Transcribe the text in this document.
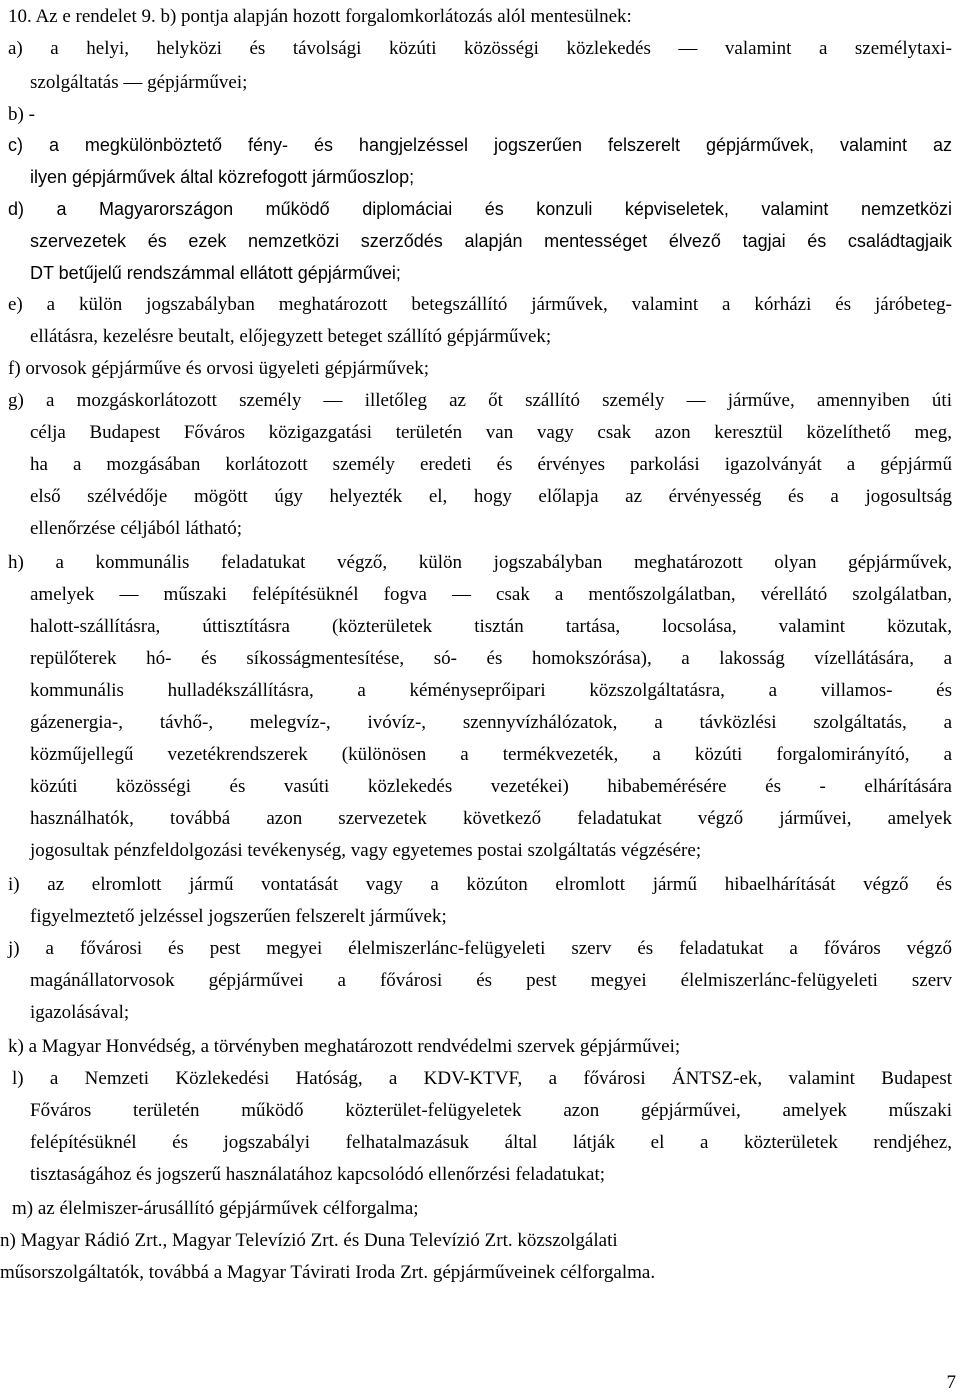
10. Az e rendelet 9. b) pontja alapján hozott forgalomkorlátozás alól mentesülnek:
a) a helyi, helyközi és távolsági közúti közösségi közlekedés — valamint a személytaxi-
szolgáltatás — gépjárművei;
b) -
c) a megkülönböztető fény- és hangjelzéssel jogszerűen felszerelt gépjárművek, valamint az
ilyen gépjárművek által közrefogott járműoszlop;
d) a Magyarországon működő diplomáciai és konzuli képviseletek, valamint nemzetközi
szervezetek és ezek nemzetközi szerződés alapján mentességet élvező tagjai és családtagjaik
DT betűjelű rendszámmal ellátott gépjárművei;
e) a külön jogszabályban meghatározott betegszállító járművek, valamint a kórházi és járóbeteg-
ellátásra, kezelésre beutalt, előjegyzett beteget szállító gépjárművek;
f) orvosok gépjárműve és orvosi ügyeleti gépjárművek;
g) a mozgáskorlátozott személy — illetőleg az őt szállító személy — járműve, amennyiben úti
célja Budapest Főváros közigazgatási területén van vagy csak azon keresztül közelíthető meg,
ha a mozgásában korlátozott személy eredeti és érvényes parkolási igazolványát a gépjármű
első szélvédője mögött úgy helyezték el, hogy előlapja az érvényesség és a jogosultság
ellenőrzése céljából látható;
h) a kommunális feladatukat végző, külön jogszabályban meghatározott olyan gépjárművek,
amelyek — műszaki felépítésüknél fogva — csak a mentőszolgálatban, vérellátó szolgálatban,
halott-szállításra, úttisztításra (közterületek tisztán tartása, locsolása, valamint közutak,
repülőterek hó- és síkosságmentesítése, só- és homokszórása), a lakosság vízellátására, a
kommunális hulladékszállításra, a kéményseprőipari közszolgáltatásra, a villamos- és
gázenergia-, távhő-, melegvíz-, ivóvíz-, szennyvízhálózatok, a távközlési szolgáltatás, a
közműjellegű vezetékrendszerek (különösen a termékvezeték, a közúti forgalomirányító, a
közúti közösségi és vasúti közlekedés vezetékei) hibabemérésére és - elhárítására
használhatók, továbbá azon szervezetek következő feladatukat végző járművei, amelyek
jogosultak pénzfeldolgozási tevékenység, vagy egyetemes postai szolgáltatás végzésére;
i) az elromlott jármű vontatását vagy a közúton elromlott jármű hibaelhárítását végző és
figyelmeztető jelzéssel jogszerűen felszerelt járművek;
j) a fővárosi és pest megyei élelmiszerlánc-felügyeleti szerv és feladatukat a főváros végző
magánállatorvosok gépjárművei a fővárosi és pest megyei élelmiszerlánc-felügyeleti szerv
igazolásával;
k) a Magyar Honvédség, a törvényben meghatározott rendvédelmi szervek gépjárművei;
l) a Nemzeti Közlekedési Hatóság, a KDV-KTVF, a fővárosi ÁNTSZ-ek, valamint Budapest
Főváros területén működő közterület-felügyeletek azon gépjárművei, amelyek műszaki
felépítésüknél és jogszabályi felhatalmazásuk által látják el a közterületek rendjéhez,
tisztaságához és jogszerű használatához kapcsolódó ellenőrzési feladatukat;
m) az élelmiszer-árusállító gépjárművek célforgalma;
n) Magyar Rádió Zrt., Magyar Televízió Zrt. és Duna Televízió Zrt. közszolgálati
műsorszolgáltatók, továbbá a Magyar Távirati Iroda Zrt. gépjárműveinek célforgalma.
7
